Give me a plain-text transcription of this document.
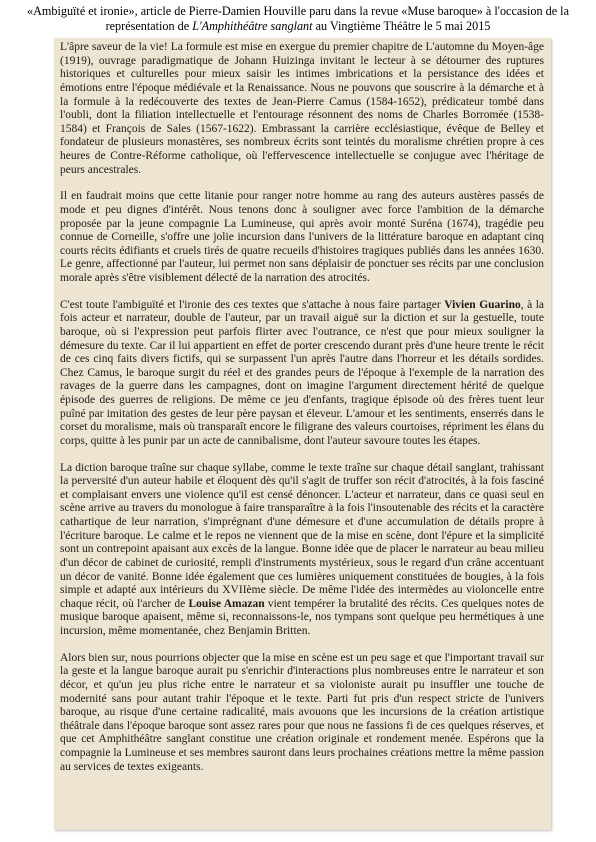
«Ambiguïté et ironie», article de Pierre-Damien Houville paru dans la revue «Muse baroque» à l'occasion de la
représentation de L'Amphithéâtre sanglant au Vingtième Théâtre le 5 mai 2015

L'âpre saveur de la vie! La formule est mise en exergue du premier chapitre de L'automne du Moyen-âge (1919), ouvrage paradigmatique de Johann Huizinga invitant le lecteur à se détourner des ruptures historiques et culturelles pour mieux saisir les intimes imbrications et la persistance des idées et émotions entre l'époque médiévale et la Renaissance. Nous ne pouvons que souscrire à la démarche et à la formule à la redécouverte des textes de Jean-Pierre Camus (1584-1652), prédicateur tombé dans l'oubli, dont la filiation intellectuelle et l'entourage résonnent des noms de Charles Borromée (1538-1584) et François de Sales (1567-1622). Embrassant la carrière ecclésiastique, évêque de Belley et fondateur de plusieurs monastères, ses nombreux écrits sont teintés du moralisme chrétien propre à ces heures de Contre-Réforme catholique, où l'effervescence intellectuelle se conjugue avec l'héritage de peurs ancestrales.

Il en faudrait moins que cette litanie pour ranger notre homme au rang des auteurs austères passés de mode et peu dignes d'intérêt. Nous tenons donc à souligner avec force l'ambition de la démarche proposée par la jeune compagnie La Lumineuse, qui après avoir monté Suréna (1674), tragédie peu connue de Corneille, s'offre une jolie incursion dans l'univers de la littérature baroque en adaptant cinq courts récits édifiants et cruels tirés de quatre recueils d'histoires tragiques publiés dans les années 1630. Le genre, affectionné par l'auteur, lui permet non sans déplaisir de ponctuer ses récits par une conclusion morale après s'être visiblement délecté de la narration des atrocités.

C'est toute l'ambiguïté et l'ironie des ces textes que s'attache à nous faire partager Vivien Guarino, à la fois acteur et narrateur, double de l'auteur, par un travail aiguë sur la diction et sur la gestuelle, toute baroque, où si l'expression peut parfois flirter avec l'outrance, ce n'est que pour mieux souligner la démesure du texte. Car il lui appartient en effet de porter crescendo durant près d'une heure trente le récit de ces cinq faits divers fictifs, qui se surpassent l'un après l'autre dans l'horreur et les détails sordides. Chez Camus, le baroque surgit du réel et des grandes peurs de l'époque à l'exemple de la narration des ravages de la guerre dans les campagnes, dont on imagine l'argument directement hérité de quelque épisode des guerres de religions. De même ce jeu d'enfants, tragique épisode où des frères tuent leur puîné par imitation des gestes de leur père paysan et éleveur. L'amour et les sentiments, enserrés dans le corset du moralisme, mais où transparaît encore le filigrane des valeurs courtoises, répriment les élans du corps, quitte à les punir par un acte de cannibalisme, dont l'auteur savoure toutes les étapes.

La diction baroque traîne sur chaque syllabe, comme le texte traîne sur chaque détail sanglant, trahissant la perversité d'un auteur habile et éloquent dès qu'il s'agit de truffer son récit d'atrocités, à la fois fasciné et complaisant envers une violence qu'il est censé dénoncer. L'acteur et narrateur, dans ce quasi seul en scène arrive au travers du monologue à faire transparaître à la fois l'insoutenable des récits et la caractère cathartique de leur narration, s'imprégnant d'une démesure et d'une accumulation de détails propre à l'écriture baroque. Le calme et le repos ne viennent que de la mise en scène, dont l'épure et la simplicité sont un contrepoint apaisant aux excès de la langue. Bonne idée que de placer le narrateur au beau milieu d'un décor de cabinet de curiosité, rempli d'instruments mystérieux, sous le regard d'un crâne accentuant un décor de vanité. Bonne idée également que ces lumières uniquement constituées de bougies, à la fois simple et adapté aux intérieurs du XVIIème siècle. De même l'idée des intermèdes au violoncelle entre chaque récit, où l'archer de Louise Amazan vient tempérer la brutalité des récits. Ces quelques notes de musique baroque apaisent, même si, reconnaissons-le, nos tympans sont quelque peu hermétiques à une incursion, même momentanée, chez Benjamin Britten.

Alors bien sur, nous pourrions objecter que la mise en scène est un peu sage et que l'important travail sur la geste et la langue baroque aurait pu s'enrichir d'interactions plus nombreuses entre le narrateur et son décor, et qu'un jeu plus riche entre le narrateur et sa violoniste aurait pu insuffler une touche de modernité sans pour autant trahir l'époque et le texte. Parti fut pris d'un respect stricte de l'univers baroque, au risque d'une certaine radicalité, mais avouons que les incursions de la création artistique théâtrale dans l'époque baroque sont assez rares pour que nous ne fassions fi de ces quelques réserves, et que cet Amphithéâtre sanglant constitue une création originale et rondement menée. Espérons que la compagnie la Lumineuse et ses membres sauront dans leurs prochaines créations mettre la même passion au services de textes exigeants.
